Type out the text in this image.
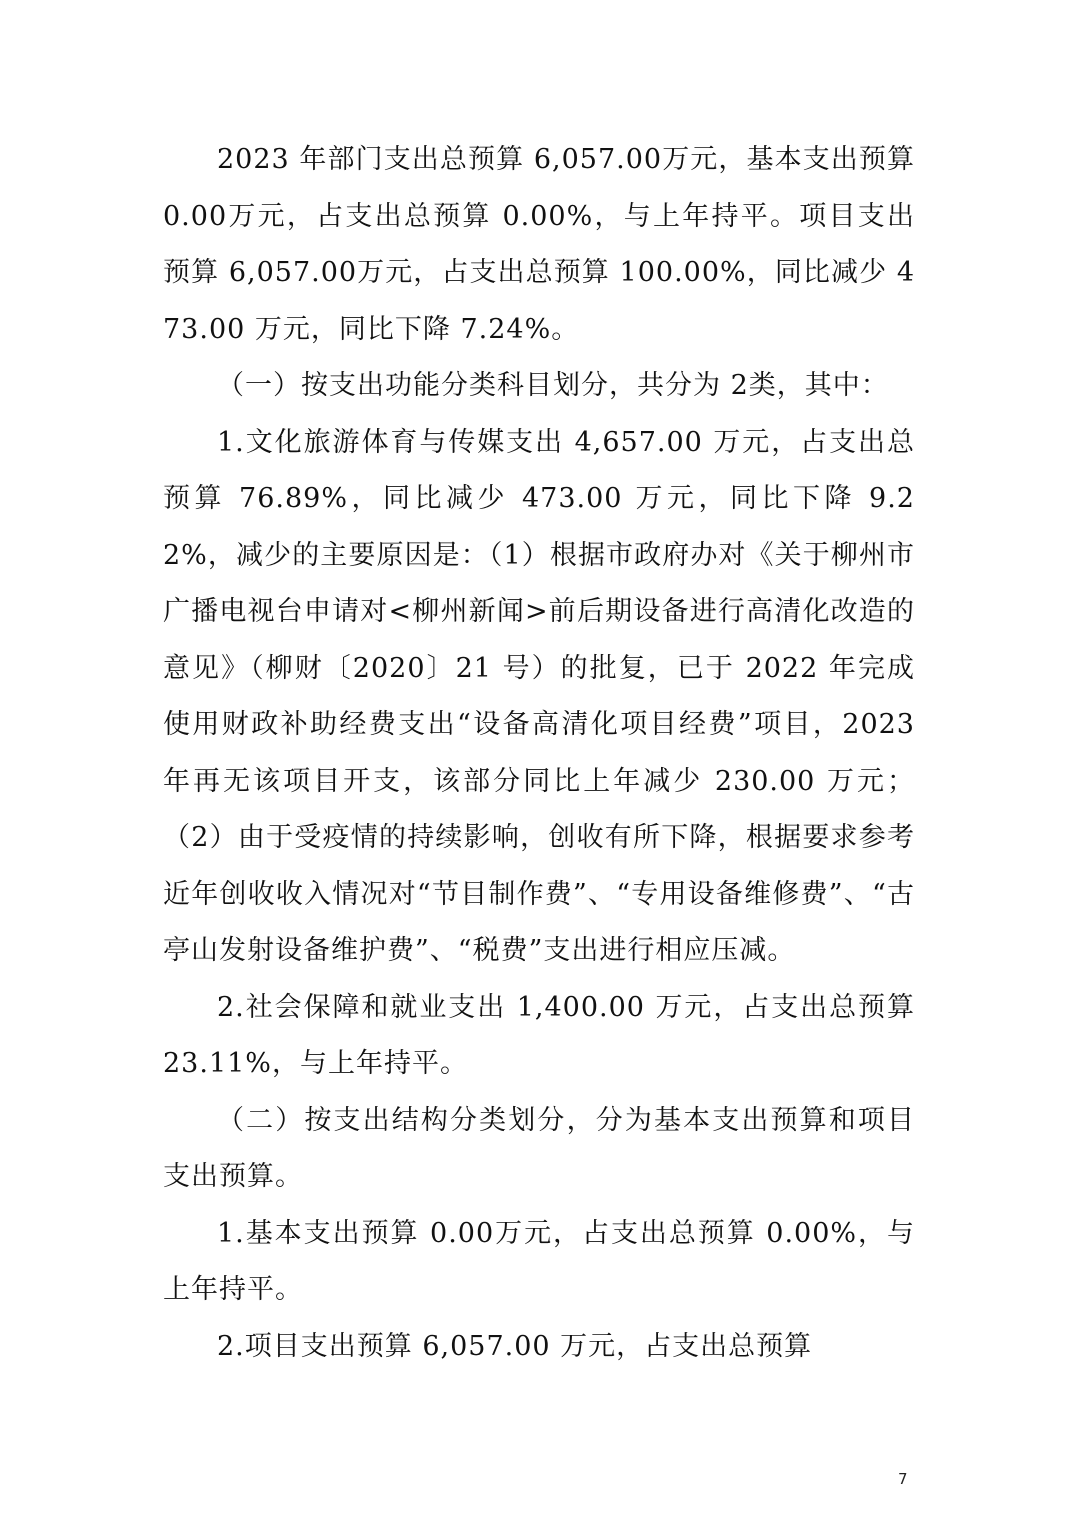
2023 年部门支出总预算 6,057.00万元，基本支出预算 0.00万元，占支出总预算 0.00%，与上年持平。项目支出预算 6,057.00万元，占支出总预算 100.00%，同比减少 473.00 万元，同比下降 7.24%。

（一）按支出功能分类科目划分，共分为 2类，其中：

1.文化旅游体育与传媒支出 4,657.00 万元，占支出总预算 76.89%，同比减少 473.00 万元，同比下降 9.22%，减少的主要原因是：（1）根据市政府办对《关于柳州市广播电视台申请对<柳州新闻>前后期设备进行高清化改造的意见》（柳财〔2020〕21 号）的批复，已于 2022 年完成使用财政补助经费支出“设备高清化项目经费”项目，2023 年再无该项目开支，该部分同比上年减少 230.00 万元；（2）由于受疫情的持续影响，创收有所下降，根据要求参考近年创收收入情况对“节目制作费”、“专用设备维修费”、“古亭山发射设备维护费”、“税费”支出进行相应压减。

2.社会保障和就业支出 1,400.00 万元，占支出总预算 23.11%，与上年持平。

（二）按支出结构分类划分，分为基本支出预算和项目支出预算。

1.基本支出预算 0.00万元，占支出总预算 0.00%，与上年持平。

2.项目支出预算 6,057.00 万元，占支出总预算

7
